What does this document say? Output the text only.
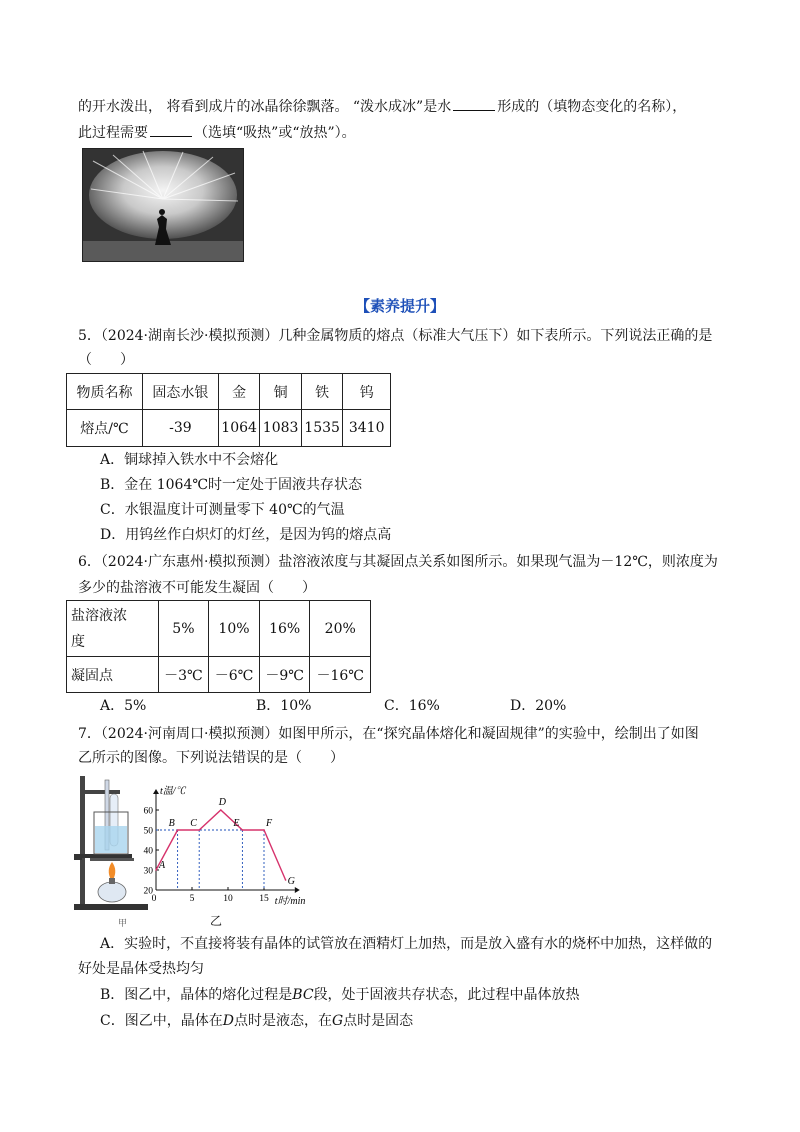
的开水泼出， 将看到成片的冰晶徐徐飘落。 “泼水成冰”是水	形成的（填物态变化的名称），
此过程需要	（选填“吸热”或“放热”）。
【素养提升】
5．（2024·湖南长沙·模拟预测）几种金属物质的熔点（标准大气压下）如下表所示。下列说法正确的是
（　　）
物质名称	固态水银	金	铜	铁	钨
熔点/℃	-39	1064	1083	1535	3410
A．铜球掉入铁水中不会熔化
B．金在 1064℃时一定处于固液共存状态
C．水银温度计可测量零下 40℃的气温
D．用钨丝作白炽灯的灯丝，是因为钨的熔点高
6．（2024·广东惠州·模拟预测）盐溶液浓度与其凝固点关系如图所示。如果现气温为－12℃，则浓度为
多少的盐溶液不可能发生凝固（　　）
盐溶液浓
度	5%	10%	16%	20%
凝固点	－3℃	－6℃	－9℃	－16℃
A．5%	B．10%	C．16%	D．20%
7．（2024·河南周口·模拟预测）如图甲所示，在“探究晶体熔化和凝固规律”的实验中，绘制出了如图
乙所示的图像。下列说法错误的是（　　）
甲
t温/℃
t时/min
20
30
40
50
60
0	5	10	15
A
B C
D
E	F
G
乙
A．实验时，不直接将装有晶体的试管放在酒精灯上加热，而是放入盛有水的烧杯中加热，这样做的
好处是晶体受热均匀
B．图乙中，晶体的熔化过程是BC段，处于固液共存状态，此过程中晶体放热
C．图乙中，晶体在D点时是液态，在G点时是固态
